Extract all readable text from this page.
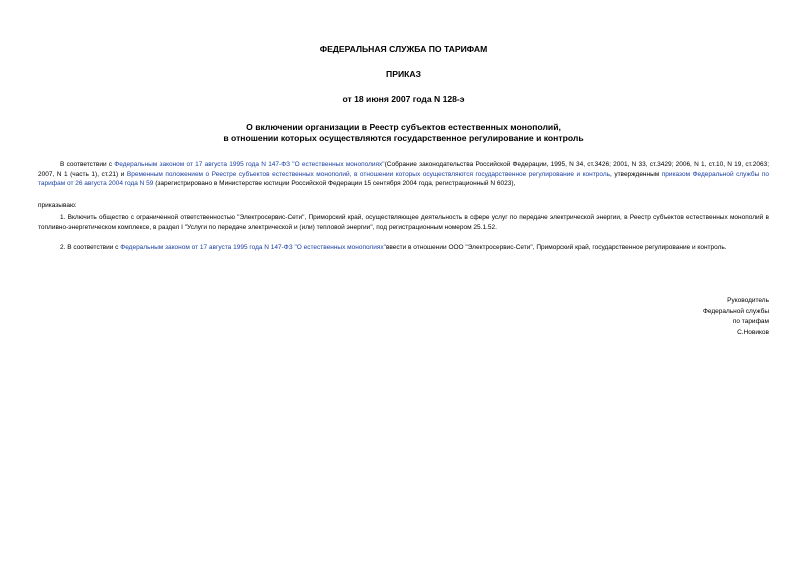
ФЕДЕРАЛЬНАЯ СЛУЖБА ПО ТАРИФАМ

ПРИКАЗ

от 18 июня 2007 года N 128-э

О включении организации в Реестр субъектов естественных монополий,
в отношении которых осуществляются государственное регулирование и контроль

В соответствии с Федеральным законом от 17 августа 1995 года N 147-ФЗ "О естественных монополиях"(Собрание законодательства Российской Федерации, 1995, N 34, ст.3426; 2001, N 33, ст.3429; 2006, N 1, ст.10, N 19, ст.2063; 2007, N 1 (часть 1), ст.21) и Временным положением о Реестре субъектов естественных монополий, в отношении которых осуществляются государственное регулирование и контроль, утвержденным приказом Федеральной службы по тарифам от 26 августа 2004 года N 59 (зарегистрировано в Министерстве юстиции Российской Федерации 15 сентября 2004 года, регистрационный N 6023),

приказываю:

1. Включить общество с ограниченной ответственностью "Электросервис-Сети", Приморский край, осуществляющее деятельность в сфере услуг по передаче электрической энергии, в Реестр субъектов естественных монополий в топливно-энергетическом комплексе, в раздел I "Услуги по передаче электрической и (или) тепловой энергии", под регистрационным номером 25.1.52.

2. В соответствии с Федеральным законом от 17 августа 1995 года N 147-ФЗ "О естественных монополиях"ввести в отношении ООО "Электросервис-Сети", Приморский край, государственное регулирование и контроль.

Руководитель
Федеральной службы
по тарифам
С.Новиков
